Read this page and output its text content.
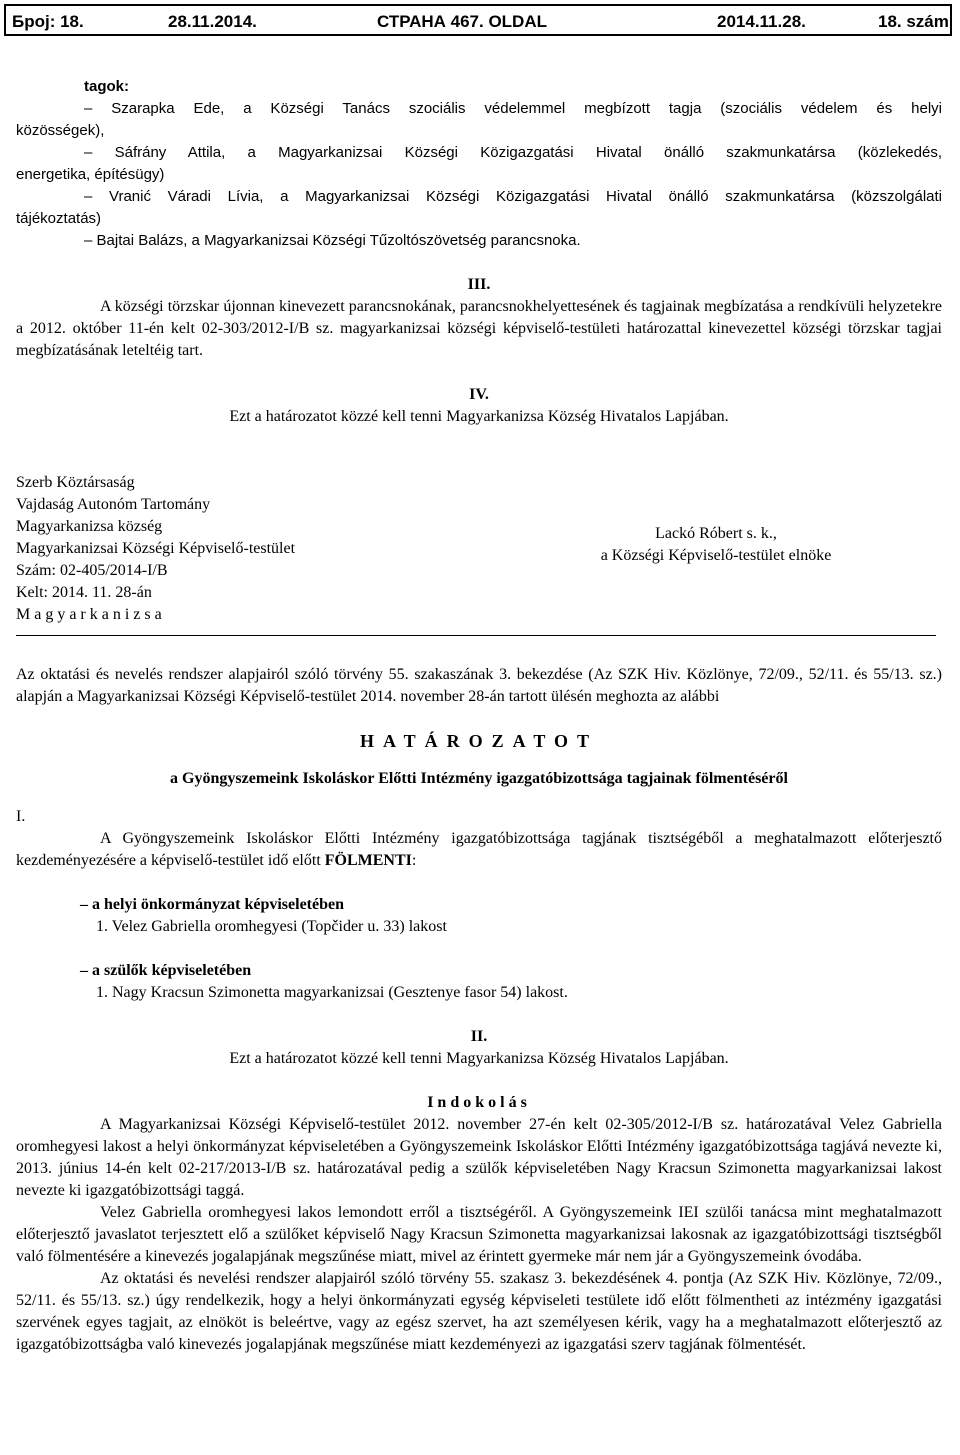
Број: 18.	28.11.2014.	СТРАНА 467. OLDAL	2014.11.28.	18. szám
tagok:
– Szarapka Ede, a Községi Tanács szociális védelemmel megbízott tagja (szociális védelem és helyi
közösségek),
– Sáfrány Attila, a Magyarkanizsai Községi Közigazgatási Hivatal önálló szakmunkatársa (közlekedés,
energetika, építésügy)
– Vranić Váradi Lívia, a Magyarkanizsai Községi Közigazgatási Hivatal önálló szakmunkatársa (közszolgálati
tájékoztatás)
– Bajtai Balázs, a Magyarkanizsai Községi Tűzoltószövetség parancsnoka.
III.
A községi törzskar újonnan kinevezett parancsnokának, parancsnokhelyettesének és tagjainak megbízatása a rendkívüli helyzetekre a 2012. október 11-én kelt 02-303/2012-I/B sz. magyarkanizsai községi képviselő-testületi határozattal kinevezettel községi törzskar tagjai megbízatásának leteltéig tart.
IV.
Ezt a határozatot közzé kell tenni Magyarkanizsa Község Hivatalos Lapjában.
Szerb Köztársaság
Vajdaság Autonóm Tartomány
Magyarkanizsa község
Magyarkanizsai Községi Képviselő-testület
Szám: 02-405/2014-I/B
Kelt: 2014. 11. 28-án
Magyarkanizsa
Lackó Róbert s. k.,
a Községi Képviselő-testület elnöke
Az oktatási és nevelés rendszer alapjairól szóló törvény 55. szakaszának 3. bekezdése (Az SZK Hiv. Közlönye, 72/09., 52/11. és 55/13. sz.) alapján a Magyarkanizsai Községi Képviselő-testület 2014. november 28-án tartott ülésén meghozta az alábbi
HATÁROZATOT
a Gyöngyszemeink Iskoláskor Előtti Intézmény igazgatóbizottsága tagjainak fölmentéséről
I.
A Gyöngyszemeink Iskoláskor Előtti Intézmény igazgatóbizottsága tagjának tisztségéből a meghatalmazott előterjesztő kezdeményezésére a képviselő-testület idő előtt FÖLMENTI:
– a helyi önkormányzat képviseletében
1. Velez Gabriella oromhegyesi (Topčider u. 33) lakost
– a szülők képviseletében
1. Nagy Kracsun Szimonetta magyarkanizsai (Gesztenye fasor 54) lakost.
II.
Ezt a határozatot közzé kell tenni Magyarkanizsa Község Hivatalos Lapjában.
Indokolás
A Magyarkanizsai Községi Képviselő-testület 2012. november 27-én kelt 02-305/2012-I/B sz. határozatával Velez Gabriella oromhegyesi lakost a helyi önkormányzat képviseletében a Gyöngyszemeink Iskoláskor Előtti Intézmény igazgatóbizottsága tagjává nevezte ki, 2013. június 14-én kelt 02-217/2013-I/B sz. határozatával pedig a szülők képviseletében Nagy Kracsun Szimonetta magyarkanizsai lakost nevezte ki igazgatóbizottsági taggá.
Velez Gabriella oromhegyesi lakos lemondott erről a tisztségéről. A Gyöngyszemeink IEI szülői tanácsa mint meghatalmazott előterjesztő javaslatot terjesztett elő a szülőket képviselő Nagy Kracsun Szimonetta magyarkanizsai lakosnak az igazgatóbizottsági tisztségből való fölmentésére a kinevezés jogalapjának megszűnése miatt, mivel az érintett gyermeke már nem jár a Gyöngyszemeink óvodába.
Az oktatási és nevelési rendszer alapjairól szóló törvény 55. szakasz 3. bekezdésének 4. pontja (Az SZK Hiv. Közlönye, 72/09., 52/11. és 55/13. sz.) úgy rendelkezik, hogy a helyi önkormányzati egység képviseleti testülete idő előtt fölmentheti az intézmény igazgatási szervének egyes tagjait, az elnököt is beleértve, vagy az egész szervet, ha azt személyesen kérik, vagy ha a meghatalmazott előterjesztő az igazgatóbizottságba való kinevezés jogalapjának megszűnése miatt kezdeményezi az igazgatási szerv tagjának fölmentését.
